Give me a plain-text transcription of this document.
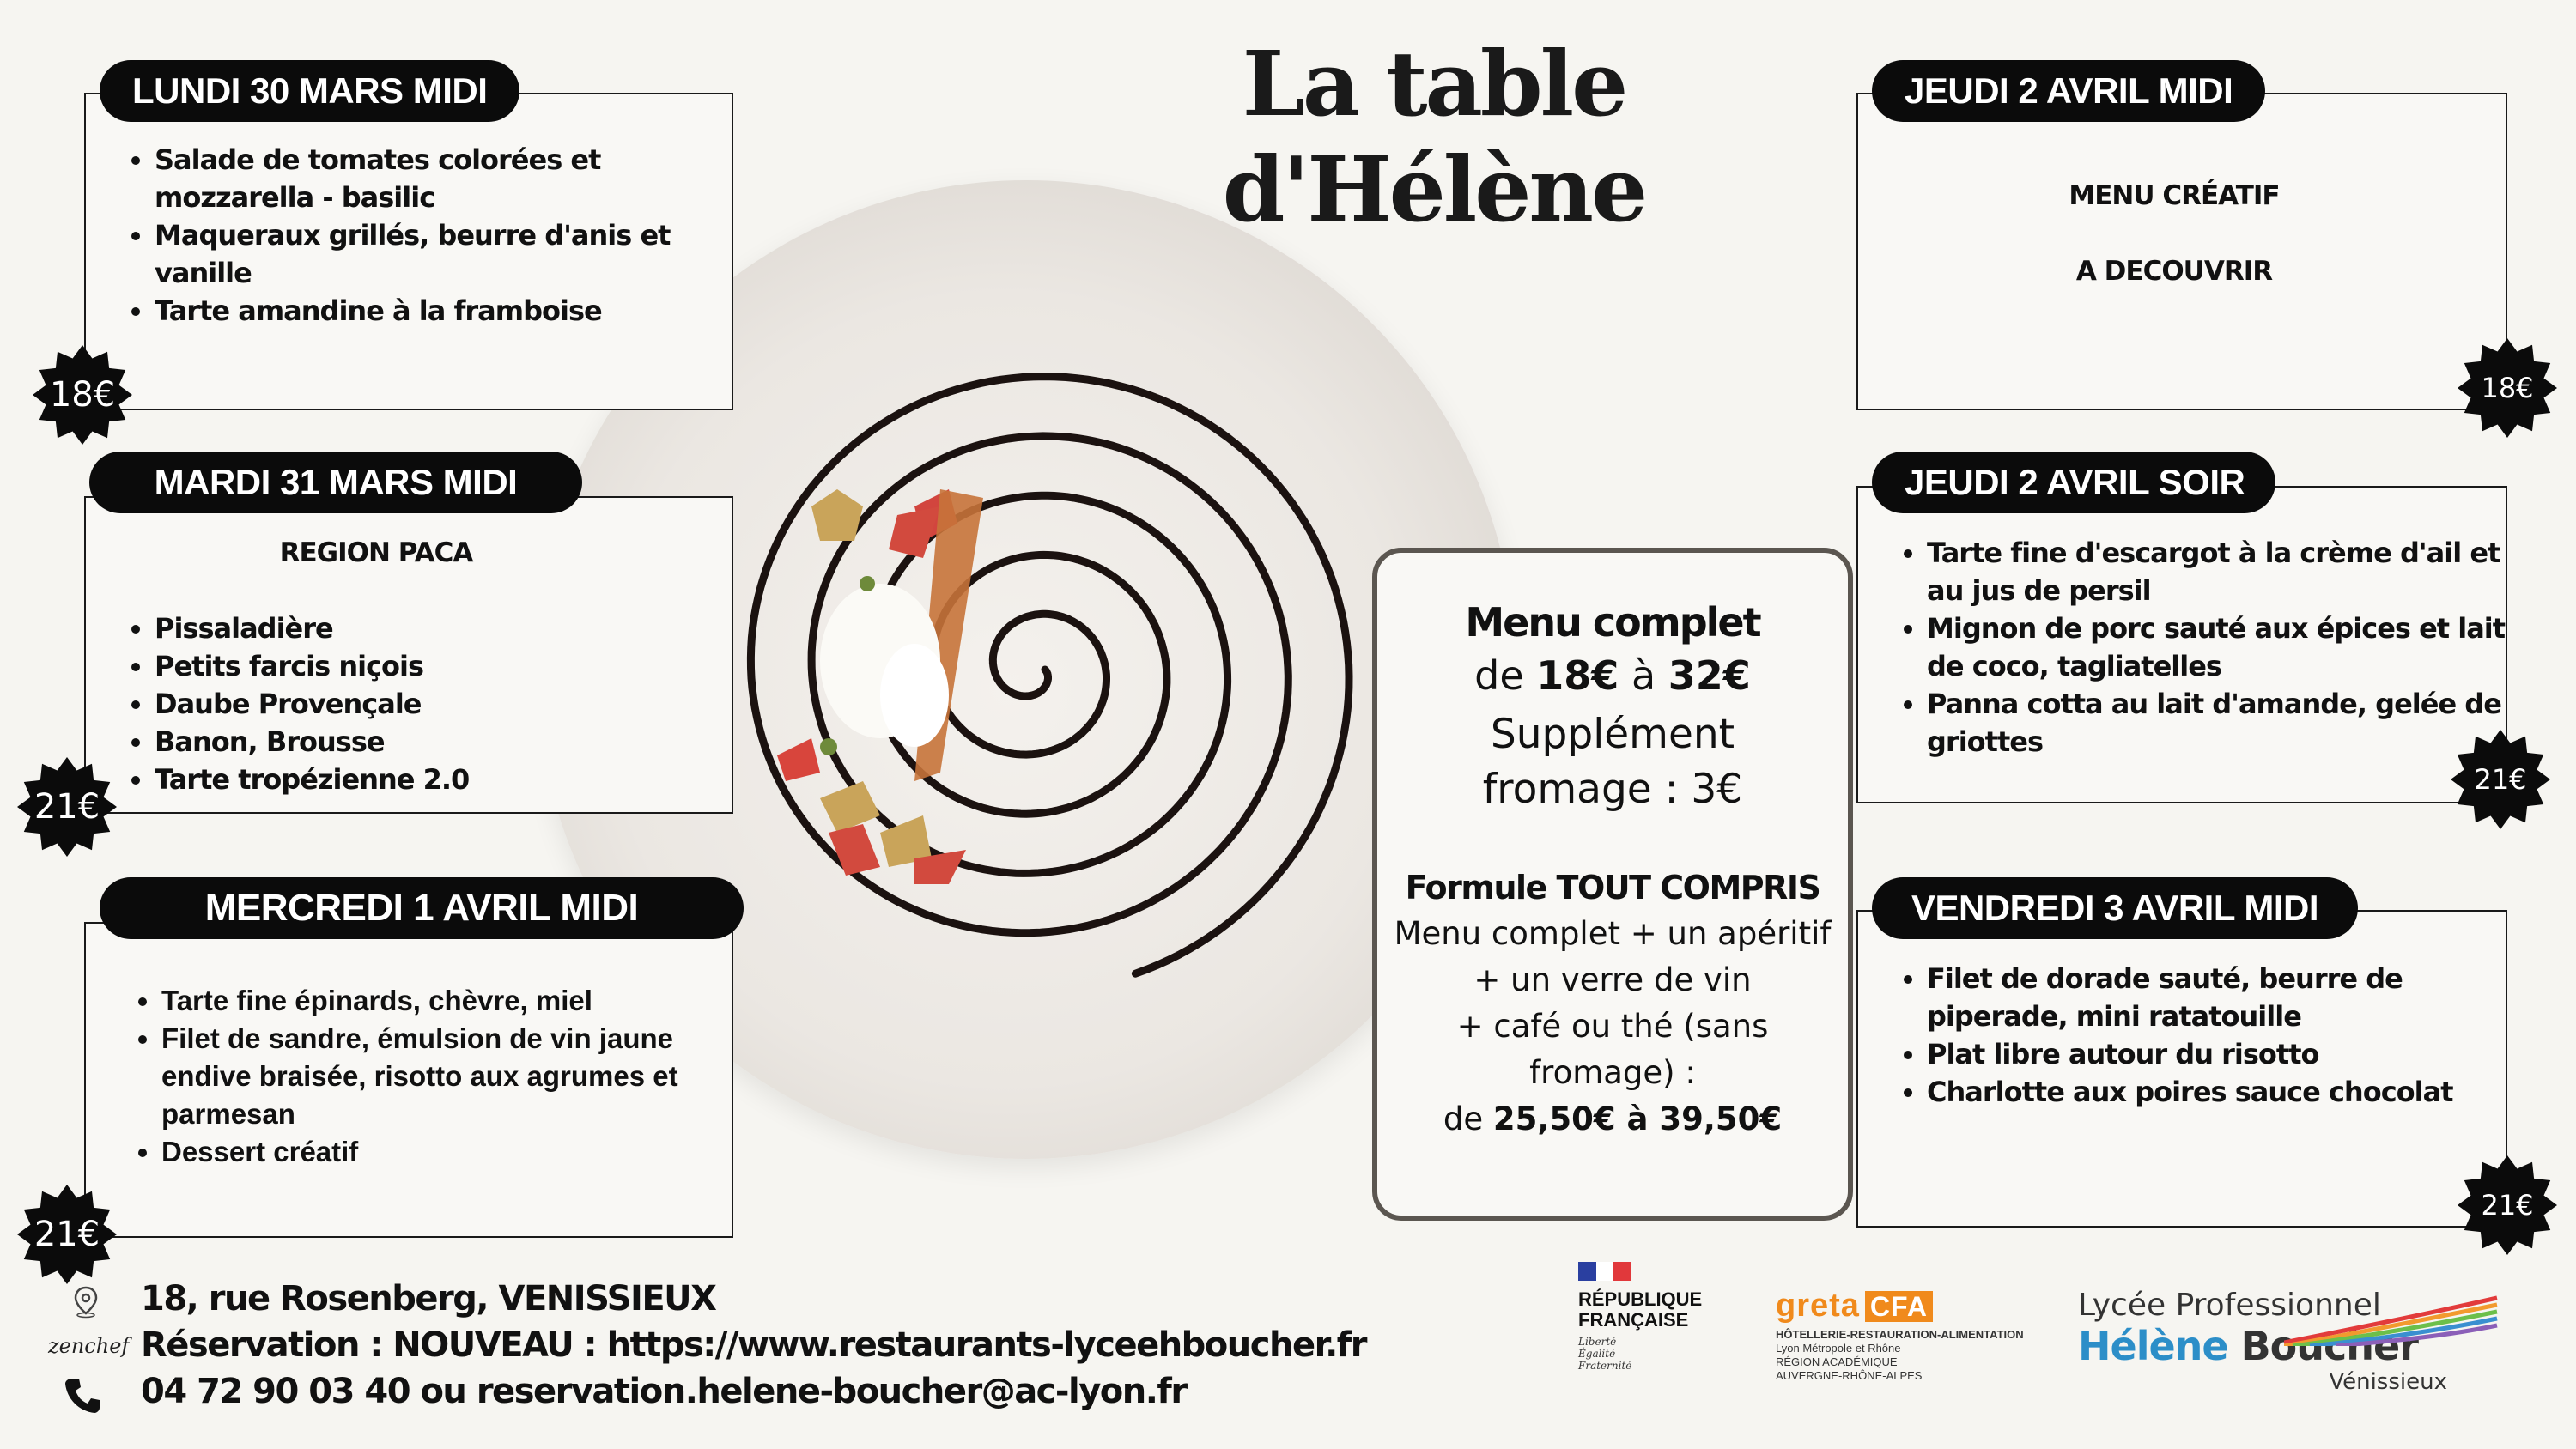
La table d'Hélène
LUNDI 30 MARS MIDI
• Salade de tomates colorées et mozzarella - basilic
• Maqueraux grillés, beurre d'anis et vanille
• Tarte amandine à la framboise
18€
MARDI 31 MARS MIDI
REGION PACA
• Pissaladière
• Petits farcis niçois
• Daube Provençale
• Banon, Brousse
• Tarte tropézienne 2.0
21€
MERCREDI 1 AVRIL MIDI
• Tarte fine épinards, chèvre, miel
• Filet de sandre, émulsion de vin jaune endive braisée, risotto aux agrumes et parmesan
• Dessert créatif
21€
JEUDI 2 AVRIL MIDI
MENU CRÉATIF
A DECOUVRIR
18€
JEUDI 2 AVRIL SOIR
• Tarte fine d'escargot à la crème d'ail et au jus de persil
• Mignon de porc sauté aux épices et lait de coco, tagliatelles
• Panna cotta au lait d'amande, gelée de griottes
21€
VENDREDI 3 AVRIL MIDI
• Filet de dorade sauté, beurre de piperade, mini ratatouille
• Plat libre autour du risotto
• Charlotte aux poires sauce chocolat
21€
Menu complet
de 18€ à 32€
Supplément
fromage : 3€
Formule TOUT COMPRIS
Menu complet + un apéritif
+ un verre de vin
+ café ou thé (sans
fromage) :
de 25,50€ à 39,50€
18, rue Rosenberg, VENISSIEUX
zenchef Réservation : NOUVEAU : https://www.restaurants-lyceehboucher.fr
04 72 90 03 40 ou reservation.helene-boucher@ac-lyon.fr
RÉPUBLIQUE
FRANÇAISE
Liberté
Égalité
Fraternité
greta CFA
HÔTELLERIE-RESTAURATION-ALIMENTATION
Lyon Métropole et Rhône
RÉGION ACADÉMIQUE
AUVERGNE-RHÔNE-ALPES
Lycée Professionnel
Hélène Boucher
Vénissieux
